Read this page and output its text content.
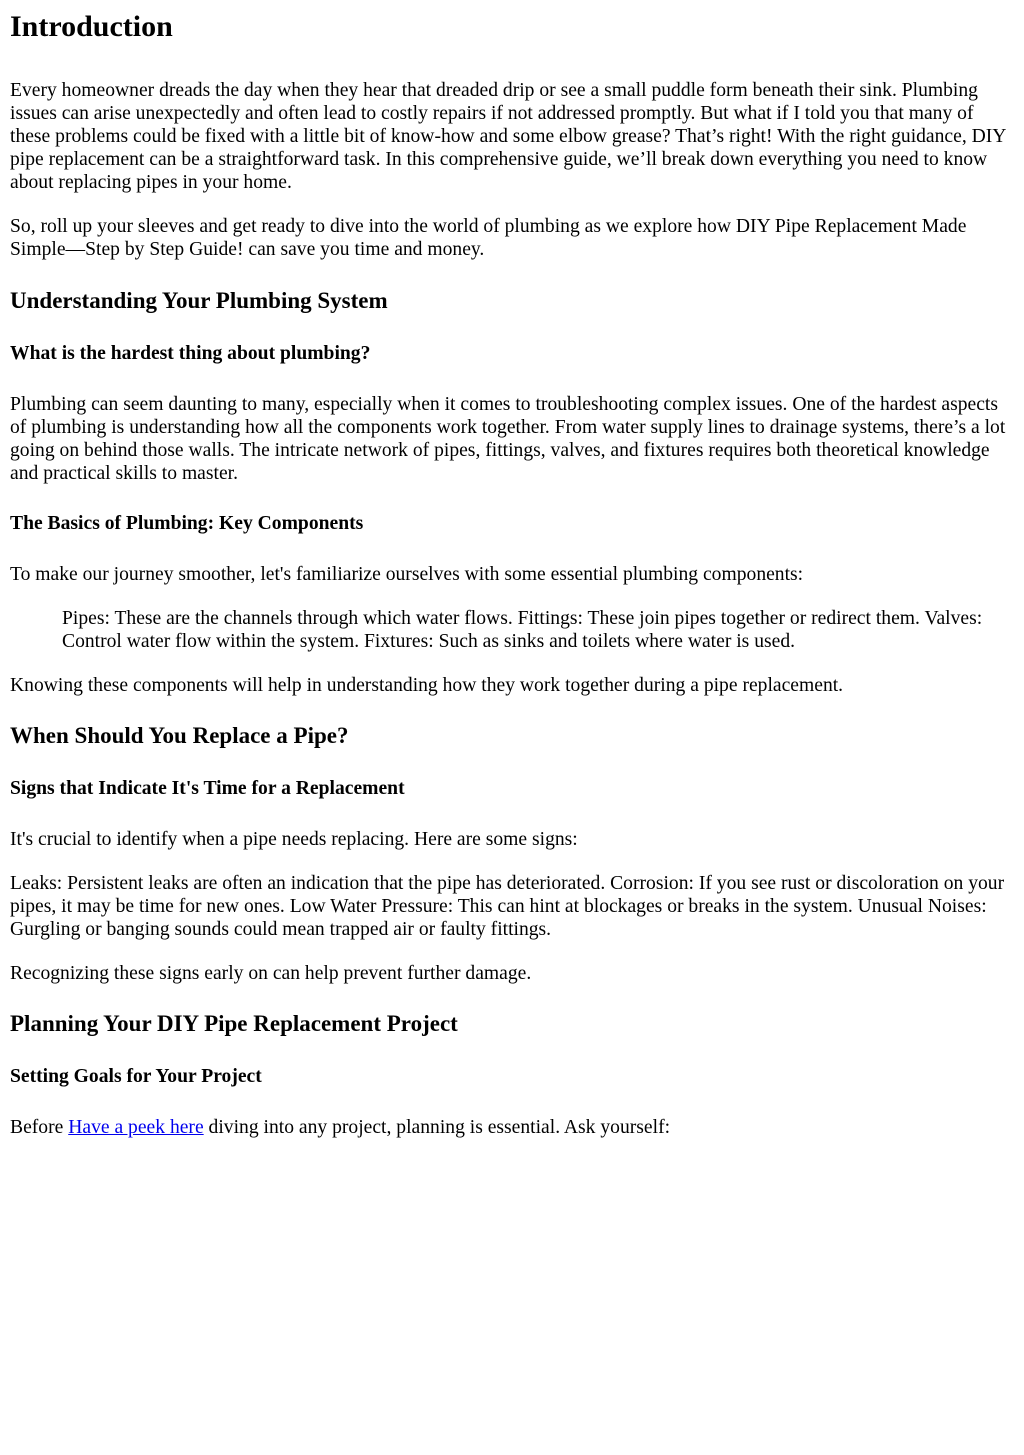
Introduction

Every homeowner dreads the day when they hear that dreaded drip or see a small puddle form beneath their sink. Plumbing issues can arise unexpectedly and often lead to costly repairs if not addressed promptly. But what if I told you that many of these problems could be fixed with a little bit of know-how and some elbow grease? That’s right! With the right guidance, DIY pipe replacement can be a straightforward task. In this comprehensive guide, we’ll break down everything you need to know about replacing pipes in your home.

So, roll up your sleeves and get ready to dive into the world of plumbing as we explore how DIY Pipe Replacement Made Simple—Step by Step Guide! can save you time and money.

Understanding Your Plumbing System
What is the hardest thing about plumbing?

Plumbing can seem daunting to many, especially when it comes to troubleshooting complex issues. One of the hardest aspects of plumbing is understanding how all the components work together. From water supply lines to drainage systems, there’s a lot going on behind those walls. The intricate network of pipes, fittings, valves, and fixtures requires both theoretical knowledge and practical skills to master.

The Basics of Plumbing: Key Components

To make our journey smoother, let's familiarize ourselves with some essential plumbing components:

Pipes: These are the channels through which water flows. Fittings: These join pipes together or redirect them. Valves: Control water flow within the system. Fixtures: Such as sinks and toilets where water is used.

Knowing these components will help in understanding how they work together during a pipe replacement.

When Should You Replace a Pipe?
Signs that Indicate It's Time for a Replacement

It's crucial to identify when a pipe needs replacing. Here are some signs:

Leaks: Persistent leaks are often an indication that the pipe has deteriorated. Corrosion: If you see rust or discoloration on your pipes, it may be time for new ones. Low Water Pressure: This can hint at blockages or breaks in the system. Unusual Noises: Gurgling or banging sounds could mean trapped air or faulty fittings.

Recognizing these signs early on can help prevent further damage.

Planning Your DIY Pipe Replacement Project
Setting Goals for Your Project

Before Have a peek here diving into any project, planning is essential. Ask yourself:
